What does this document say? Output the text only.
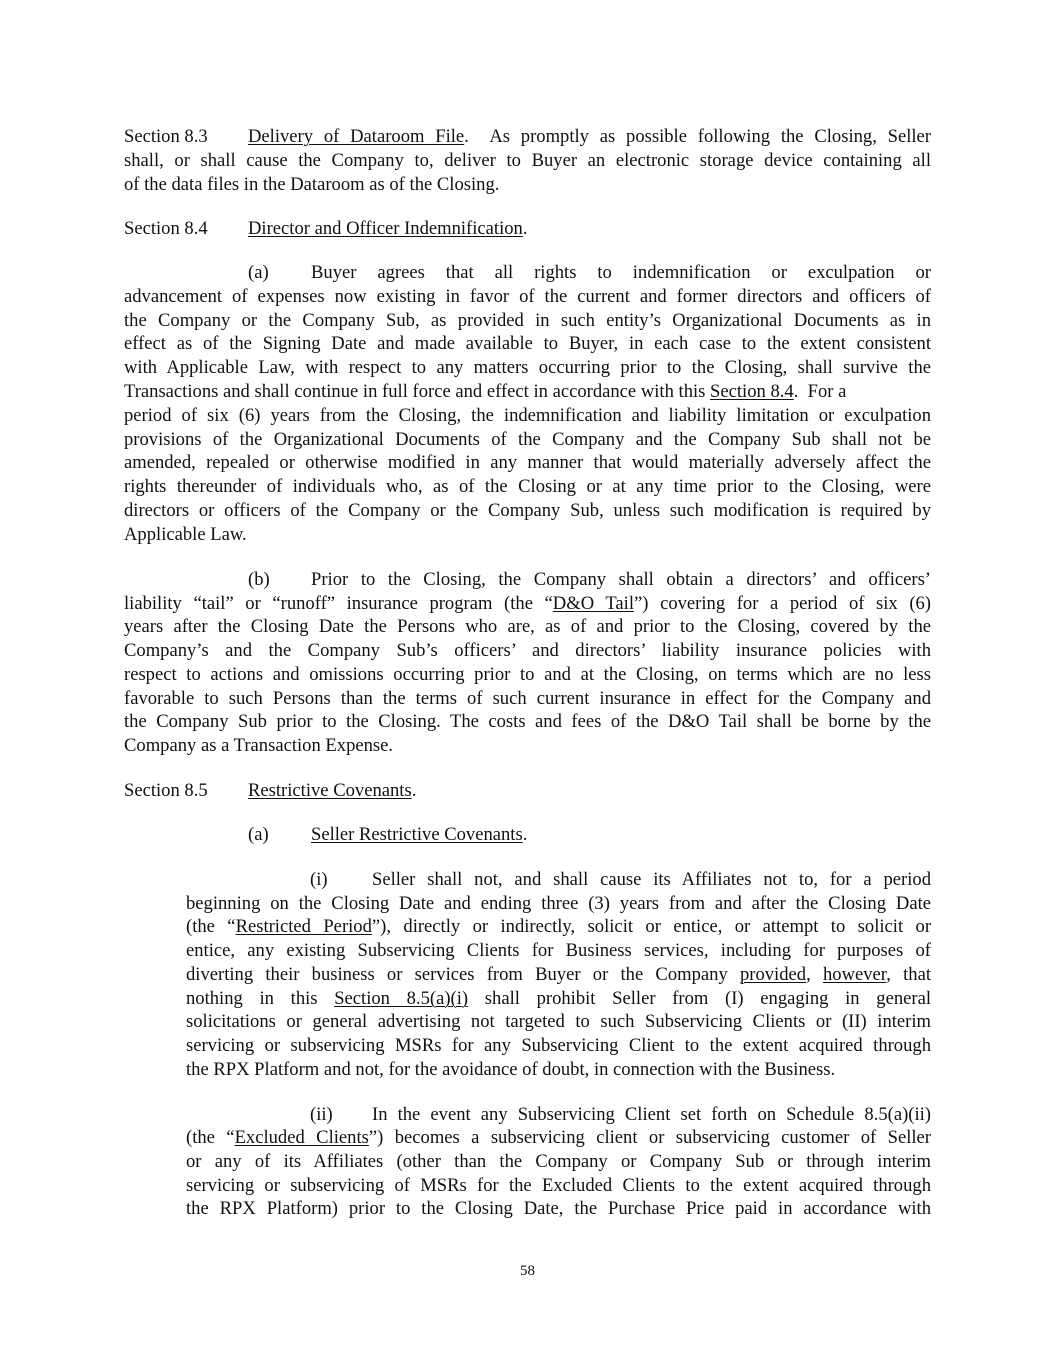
Section 8.3 Delivery of Dataroom File.  As promptly as possible following the Closing, Seller
shall, or shall cause the Company to, deliver to Buyer an electronic storage device containing all
of the data files in the Dataroom as of the Closing.
Section 8.4 Director and Officer Indemnification.
(a) Buyer agrees that all rights to indemnification or exculpation or
advancement of expenses now existing in favor of the current and former directors and officers of
the Company or the Company Sub, as provided in such entity’s Organizational Documents as in
effect as of the Signing Date and made available to Buyer, in each case to the extent consistent
with Applicable Law, with respect to any matters occurring prior to the Closing, shall survive the
Transactions and shall continue in full force and effect in accordance with this Section 8.4.  For a
period of six (6) years from the Closing, the indemnification and liability limitation or exculpation
provisions of the Organizational Documents of the Company and the Company Sub shall not be
amended, repealed or otherwise modified in any manner that would materially adversely affect the
rights thereunder of individuals who, as of the Closing or at any time prior to the Closing, were
directors or officers of the Company or the Company Sub, unless such modification is required by
Applicable Law.
(b) Prior to the Closing, the Company shall obtain a directors’ and officers’
liability “tail” or “runoff” insurance program (the “D&O Tail”) covering for a period of six (6)
years after the Closing Date the Persons who are, as of and prior to the Closing, covered by the
Company’s and the Company Sub’s officers’ and directors’ liability insurance policies with
respect to actions and omissions occurring prior to and at the Closing, on terms which are no less
favorable to such Persons than the terms of such current insurance in effect for the Company and
the Company Sub prior to the Closing. The costs and fees of the D&O Tail shall be borne by the
Company as a Transaction Expense.
Section 8.5 Restrictive Covenants.
(a) Seller Restrictive Covenants.
(i) Seller shall not, and shall cause its Affiliates not to, for a period
beginning on the Closing Date and ending three (3) years from and after the Closing Date
(the “Restricted Period”), directly or indirectly, solicit or entice, or attempt to solicit or
entice, any existing Subservicing Clients for Business services, including for purposes of
diverting their business or services from Buyer or the Company provided, however, that
nothing in this Section 8.5(a)(i) shall prohibit Seller from (I) engaging in general
solicitations or general advertising not targeted to such Subservicing Clients or (II) interim
servicing or subservicing MSRs for any Subservicing Client to the extent acquired through
the RPX Platform and not, for the avoidance of doubt, in connection with the Business.
(ii) In the event any Subservicing Client set forth on Schedule 8.5(a)(ii)
(the “Excluded Clients”) becomes a subservicing client or subservicing customer of Seller
or any of its Affiliates (other than the Company or Company Sub or through interim
servicing or subservicing of MSRs for the Excluded Clients to the extent acquired through
the RPX Platform) prior to the Closing Date, the Purchase Price paid in accordance with
58
